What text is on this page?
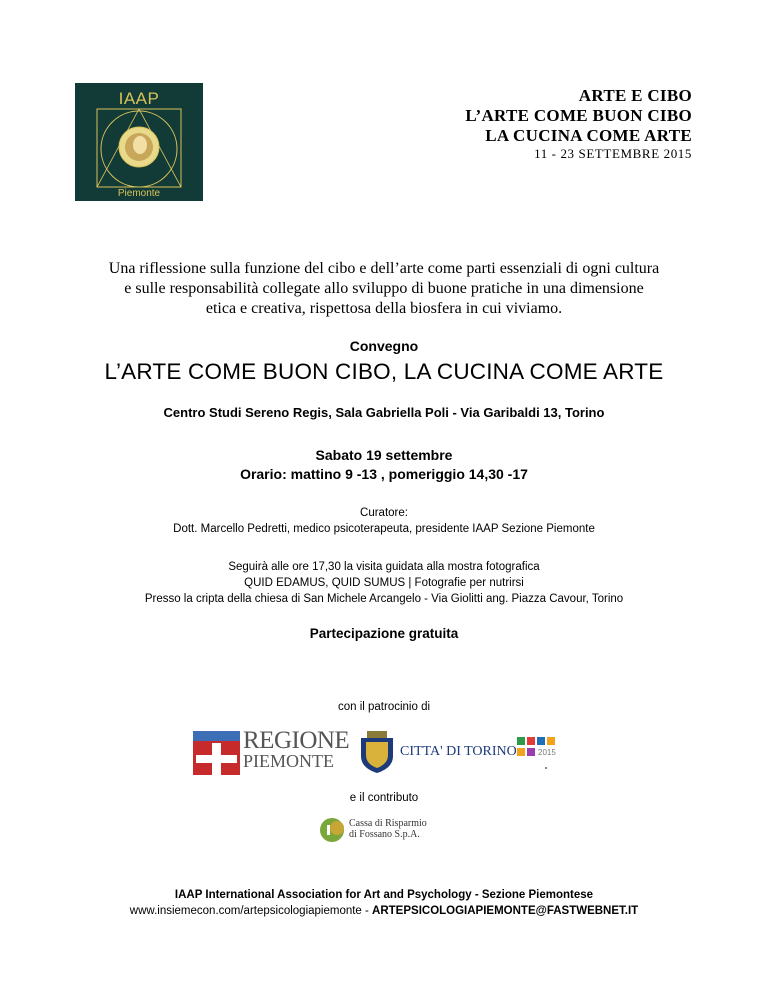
IAAP
Piemonte
ARTE E CIBO
L’ARTE COME BUON CIBO
LA CUCINA COME ARTE
11 - 23 SETTEMBRE 2015
Una riflessione sulla funzione del cibo e dell’arte come parti essenziali di ogni cultura
e sulle responsabilità collegate allo sviluppo di buone pratiche in una dimensione
etica e creativa, rispettosa della biosfera in cui viviamo.
Convegno
L’ARTE COME BUON CIBO, LA CUCINA COME ARTE
Centro Studi Sereno Regis, Sala Gabriella Poli - Via Garibaldi 13, Torino
Sabato 19 settembre
Orario: mattino 9 -13 , pomeriggio 14,30 -17
Curatore:
Dott. Marcello Pedretti, medico psicoterapeuta, presidente IAAP Sezione Piemonte
Seguirà alle ore 17,30 la visita guidata alla mostra fotografica
QUID EDAMUS, QUID SUMUS | Fotografie per nutrirsi
Presso la cripta della chiesa di San Michele Arcangelo - Via Giolitti ang. Piazza Cavour, Torino
Partecipazione gratuita
con il patrocinio di
REGIONE
PIEMONTE	CITTA' DI TORINO	2015
e il contributo
Cassa di Risparmio
di Fossano S.p.A.
IAAP International Association for Art and Psychology - Sezione Piemontese
www.insiemecon.com/artepsicologiapiemonte - ARTEPSICOLOGIAPIEMONTE@FASTWEBNET.IT
